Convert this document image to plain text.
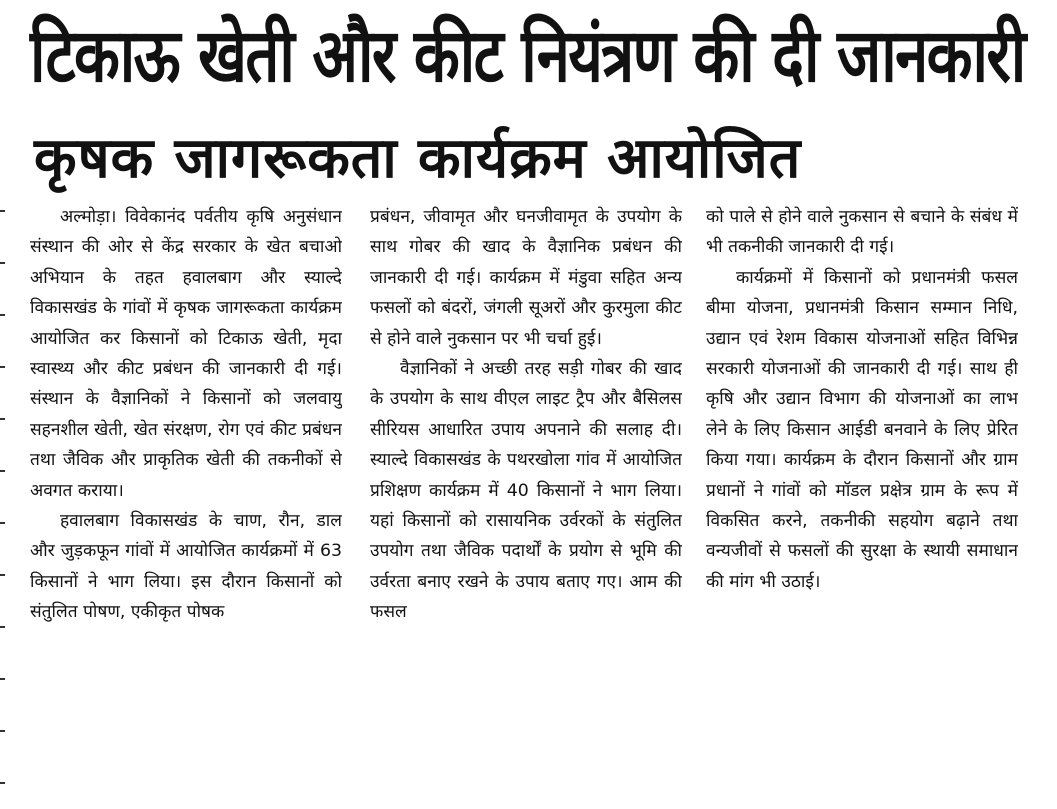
टिकाऊ खेती और कीट नियंत्रण की दी जानकारी
कृषक जागरूकता कार्यक्रम आयोजित

अल्मोड़ा। विवेकानंद पर्वतीय कृषि अनुसंधान संस्थान की ओर से केंद्र सरकार के खेत बचाओ अभियान के तहत हवालबाग और स्याल्दे विकासखंड के गांवों में कृषक जागरूकता कार्यक्रम आयोजित कर किसानों को टिकाऊ खेती, मृदा स्वास्थ्य और कीट प्रबंधन की जानकारी दी गई। संस्थान के वैज्ञानिकों ने किसानों को जलवायु सहनशील खेती, खेत संरक्षण, रोग एवं कीट प्रबंधन तथा जैविक और प्राकृतिक खेती की तकनीकों से अवगत कराया।

हवालबाग विकासखंड के चाण, रौन, डाल और जुड़कफून गांवों में आयोजित कार्यक्रमों में 63 किसानों ने भाग लिया। इस दौरान किसानों को संतुलित पोषण, एकीकृत पोषक

प्रबंधन, जीवामृत और घनजीवामृत के उपयोग के साथ गोबर की खाद के वैज्ञानिक प्रबंधन की जानकारी दी गई। कार्यक्रम में मंडुवा सहित अन्य फसलों को बंदरों, जंगली सूअरों और कुरमुला कीट से होने वाले नुकसान पर भी चर्चा हुई।

वैज्ञानिकों ने अच्छी तरह सड़ी गोबर की खाद के उपयोग के साथ वीएल लाइट ट्रैप और बैसिलस सीरियस आधारित उपाय अपनाने की सलाह दी। स्याल्दे विकासखंड के पथरखोला गांव में आयोजित प्रशिक्षण कार्यक्रम में 40 किसानों ने भाग लिया। यहां किसानों को रासायनिक उर्वरकों के संतुलित उपयोग तथा जैविक पदार्थों के प्रयोग से भूमि की उर्वरता बनाए रखने के उपाय बताए गए। आम की फसल

को पाले से होने वाले नुकसान से बचाने के संबंध में भी तकनीकी जानकारी दी गई।

कार्यक्रमों में किसानों को प्रधानमंत्री फसल बीमा योजना, प्रधानमंत्री किसान सम्मान निधि, उद्यान एवं रेशम विकास योजनाओं सहित विभिन्न सरकारी योजनाओं की जानकारी दी गई। साथ ही कृषि और उद्यान विभाग की योजनाओं का लाभ लेने के लिए किसान आईडी बनवाने के लिए प्रेरित किया गया। कार्यक्रम के दौरान किसानों और ग्राम प्रधानों ने गांवों को मॉडल प्रक्षेत्र ग्राम के रूप में विकसित करने, तकनीकी सहयोग बढ़ाने तथा वन्यजीवों से फसलों की सुरक्षा के स्थायी समाधान की मांग भी उठाई।
